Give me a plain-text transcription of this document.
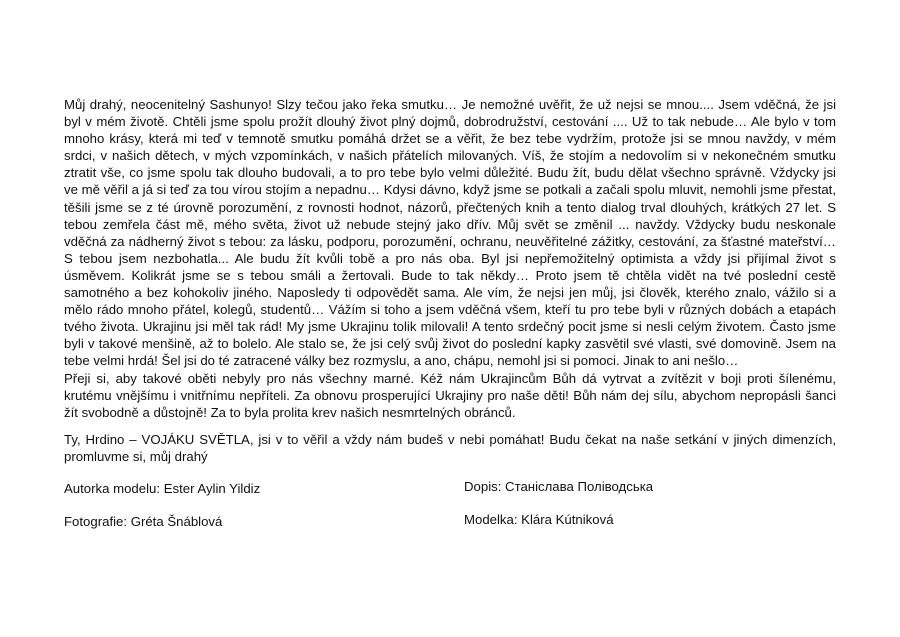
Můj drahý, neocenitelný Sashunyo! Slzy tečou jako řeka smutku… Je nemožné uvěřit, že už nejsi se mnou.... Jsem vděčná, že jsi byl v mém životě. Chtěli jsme spolu prožít dlouhý život plný dojmů, dobrodružství, cestování .... Už to tak nebude… Ale bylo v tom mnoho krásy, která mi teď v temnotě smutku pomáhá držet se a věřit, že bez tebe vydržím, protože jsi se mnou navždy, v mém srdci, v našich dětech, v mých vzpomínkách, v našich přátelích milovaných. Víš, že stojím a nedovolím si v nekonečném smutku ztratit vše, co jsme spolu tak dlouho budovali, a to pro tebe bylo velmi důležité. Budu žít, budu dělat všechno správně. Vždycky jsi ve mě věřil a já si teď za tou vírou stojím a nepadnu… Kdysi dávno, když jsme se potkali a začali spolu mluvit, nemohli jsme přestat, těšili jsme se z té úrovně porozumění, z rovnosti hodnot, názorů, přečtených knih a tento dialog trval dlouhých, krátkých 27 let. S tebou zemřela část mě, mého světa, život už nebude stejný jako dřív. Můj svět se změnil ... navždy. Vždycky budu neskonale vděčná za nádherný život s tebou: za lásku, podporu, porozumění, ochranu, neuvěřitelné zážitky, cestování, za šťastné mateřství… S tebou jsem nezbohatla... Ale budu žít kvůli tobě a pro nás oba. Byl jsi nepřemožitelný optimista a vždy jsi přijímal život s úsměvem. Kolikrát jsme se s tebou smáli a žertovali. Bude to tak někdy… Proto jsem tě chtěla vidět na tvé poslední cestě samotného a bez kohokoliv jiného. Naposledy ti odpovědět sama. Ale vím, že nejsi jen můj, jsi člověk, kterého znalo, vážilo si a mělo rádo mnoho přátel, kolegů, studentů… Vážím si toho a jsem vděčná všem, kteří tu pro tebe byli v různých dobách a etapách tvého života. Ukrajinu jsi měl tak rád! My jsme Ukrajinu tolik milovali! A tento srdečný pocit jsme si nesli celým životem. Často jsme byli v takové menšině, až to bolelo. Ale stalo se, že jsi celý svůj život do poslední kapky zasvětil své vlasti, své domovině. Jsem na tebe velmi hrdá! Šel jsi do té zatracené války bez rozmyslu, a ano, chápu, nemohl jsi si pomoci. Jinak to ani nešlo…

Přeji si, aby takové oběti nebyly pro nás všechny marné. Kéž nám Ukrajincům Bůh dá vytrvat a zvítězit v boji proti šílenému, krutému vnějšímu i vnitřnímu nepříteli. Za obnovu prosperující Ukrajiny pro naše děti! Bůh nám dej sílu, abychom nepropásli šanci žít svobodně a důstojně! Za to byla prolita krev našich nesmrtelných obránců.

Ty, Hrdino – VOJÁKU SVĚTLA, jsi v to věřil a vždy nám budeš v nebi pomáhat! Budu čekat na naše setkání v jiných dimenzích, promluvme si, můj drahý

Autorka modelu: Ester Aylin Yildiz
Fotografie: Gréta Šnáblová
Dopis: Станіслава Поліводська
Modelka: Klára Kútniková
